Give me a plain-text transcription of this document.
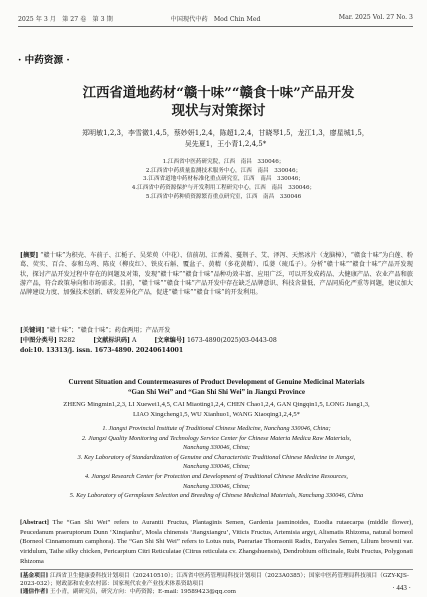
2025 年 3 月　第 27 卷　第 3 期	中国现代中药　Mod Chin Med	Mar. 2025 Vol. 27 No. 3
· 中药资源 ·
江西省道地药材“赣十味”“赣食十味”产品开发
现状与对策探讨
郑明敏1,2,3，李雪微1,4,5，蔡妙妍1,2,4，陈超1,2,4，甘晓琴1,5，龙江1,3，廖星城1,5，
吴先夏1，王小青1,2,4,5*
1.江西省中医药研究院，江西　南昌　330046；
2.江西省中药质量监测技术服务中心，江西　南昌　330046；
3.江西省道地中药材标准化重点研究室，江西　南昌　330046；
4.江西省中药资源保护与开发利用工程研究中心，江西　南昌　330046；
5.江西省中药种质资源繁育重点研究室，江西　南昌　330046
[摘要] “赣十味”为积壳、车前子、江栀子、吴茱萸（中花）、信前胡、江香薷、蔓荆子、艾、泽泻、天然冰片（龙脑樟），“赣食十味”为白莲、粉葛、荧实、百合、泰和乌鸡、陈皮（柳皮红）、铁皮石斛、覆盆子、黄精（多花黄精）、瓜蒌（琉瓜子）。分析“赣十味”“赣食十味”产品开发现状，探讨产品开发过程中存在的问题及对策，发现“赣十味”“赣食十味”品种功效丰富、应用广泛，可以开发成药品、大健康产品、农业产品和旅游产品，符合政策导向和市场需求。目前，“赣十味”“赣食十味”产品开发中存在缺乏品牌意识、科技含量低、产品同质化严重等问题，建议加大品牌建设力度、加强技术创新、研发差异化产品，促进“赣十味”“赣食十味”的开发利用。
[关键词] “赣十味”；“赣食十味”；药食两用；产品开发
[中图分类号] R282	[文献标识码] A	[文章编号] 1673-4890(2025)03-0443-08
doi:10. 13313/j. issn. 1673-4890. 20240614001
Current Situation and Countermeasures of Product Development of Genuine Medicinal Materials
“Gan Shi Wei” and “Gan Shi Shi Wei” in Jiangxi Province
ZHENG Mingmin1,2,3, LI Xuewei1,4,5, CAI Miaoting1,2,4, CHEN Chao1,2,4, GAN Qingqin1,5, LONG Jiang1,3,
LIAO Xingcheng1,5, WU Xianhuo1, WANG Xiaoqing1,2,4,5*
1. Jiangxi Provincial Institute of Traditional Chinese Medicine, Nanchang 330046, China;
2. Jiangxi Quality Monitoring and Technology Service Center for Chinese Materia Medica Raw Materials,
Nanchang 330046, China;
3. Key Laboratory of Standardization of Genuine and Characteristic Traditional Chinese Medicine in Jiangxi,
Nanchang 330046, China;
4. Jiangxi Research Center for Protection and Development of Traditional Chinese Medicine Resources,
Nanchang 330046, China;
5. Key Laboratory of Germplasm Selection and Breeding of Chinese Medicinal Materials, Nanchang 330046, China
[Abstract] The “Gan Shi Wei” refers to Aurantii Fructus, Plantaginis Semen, Gardenia jasminoides, Euodia rutaecarpa (middle flower), Peucedanum praeruptorum Dunn ‘Xinqianhu’, Mosla chinensis ‘Jiangxiangru’, Viticis Fructus, Artemisia argyi, Alismatis Rhizoma, natural borneol (Borneol Cinnamomum camphora). The “Gan Shi Shi Wei” refers to Lotus nuts, Puerariae Thomsonii Radix, Euryales Semen, Lilium brownii var. viridulum, Taihe silky chicken, Pericarpium Citri Reticulatae (Citrus reticulata cv. Zhangshuensis), Dendrobium officinale, Rubi Fructus, Polygonati Rhizoma
[基金项目] 江西省卫生健康委科技计划项目（202410510）；江西省中医药管理局科技计划项目（2023A0385）；国家中医药管理局科技项目（GZY-KJS-2023-032）；财政部和农业农村部：国家现代农业产业技术体系资助项目
[通信作者] 王小青，副研究员，研究方向：中药资源；E-mail: 19589423@qq.com
· 443 ·
